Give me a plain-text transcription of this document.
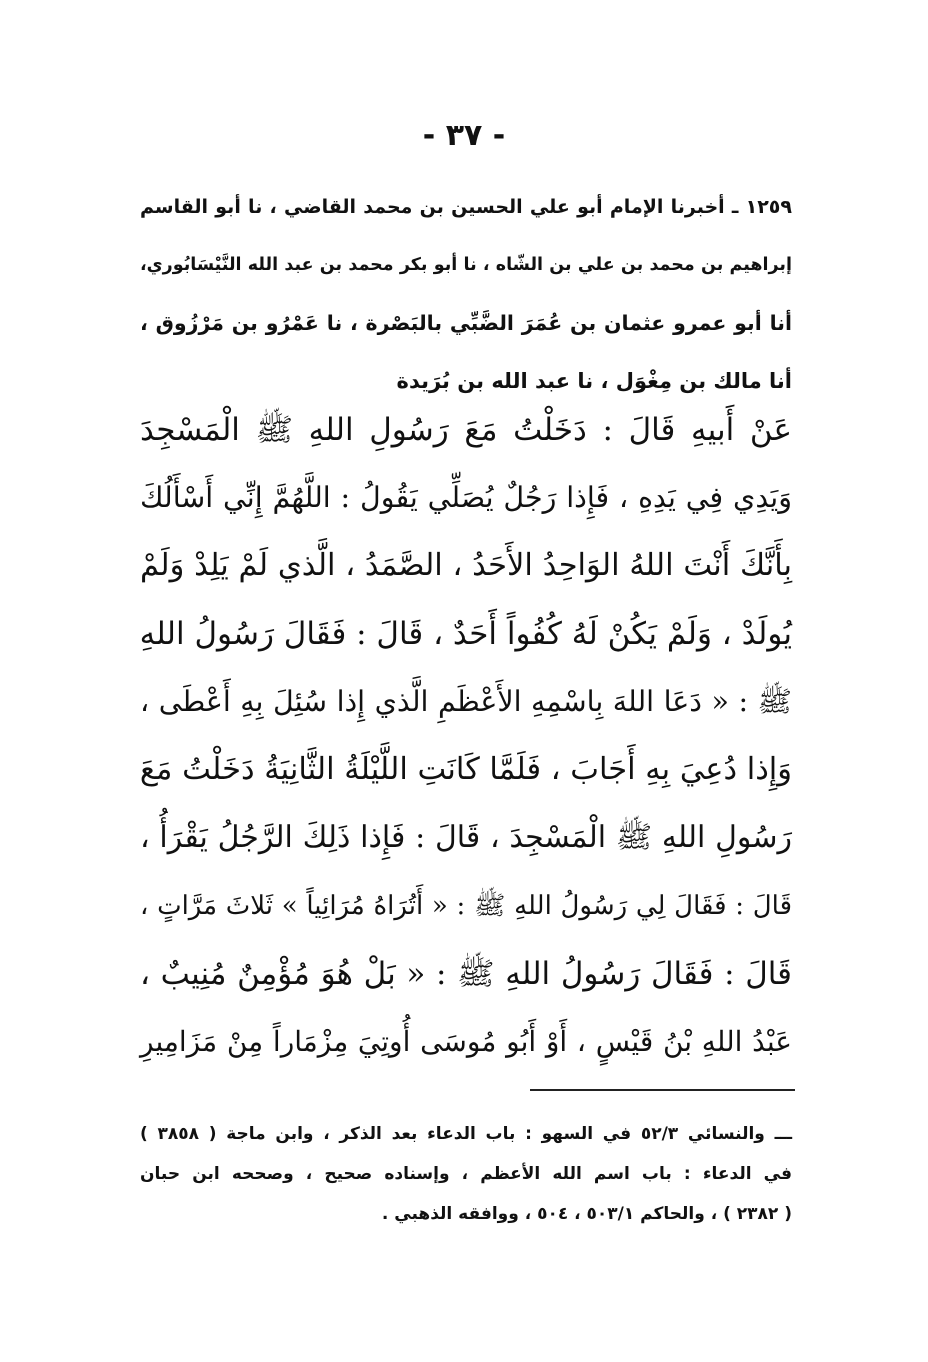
- ٣٧ -
١٢٥٩ ـ أخبرنا الإمام أبو علي الحسين بن محمد القاضي ، نا أبو القاسم
إبراهيم بن محمد بن علي بن الشّاه ، نا أبو بكر محمد بن عبد الله النَّيْسَابُوري،
أنا أبو عمرو عثمان بن عُمَرَ الضَّبِّي بالبَصْرة ، نا عَمْرُو بن مَرْزُوق ،
أنا مالك بن مِغْوَل ، نا عبد الله بن بُرَيدة
عَنْ أَبيهِ قَالَ : دَخَلْتُ مَعَ رَسُولِ اللهِ ﷺ الْمَسْجِدَ
وَيَدِي فِي يَدِهِ ، فَإِذا رَجُلٌ يُصَلِّي يَقُولُ : اللَّهُمَّ إِنِّي أَسْأَلُكَ
بِأَنَّكَ أَنْتَ اللهُ الوَاحِدُ الأَحَدُ ، الصَّمَدُ ، الَّذي لَمْ يَلِدْ وَلَمْ
يُولَدْ ، وَلَمْ يَكُنْ لَهُ كُفُواً أَحَدٌ ، قَالَ : فَقَالَ رَسُولُ اللهِ
ﷺ : « دَعَا اللهَ بِاسْمِهِ الأَعْظَمِ الَّذي إِذا سُئِلَ بِهِ أَعْطَى ،
وَإِذا دُعِيَ بِهِ أَجَابَ ، فَلَمَّا كَانَتِ اللَّيْلَةُ الثَّانِيَةُ دَخَلْتُ مَعَ
رَسُولِ اللهِ ﷺ الْمَسْجِدَ ، قَالَ : فَإِذا ذَلِكَ الرَّجُلُ يَقْرَأُ ،
قَالَ : فَقَالَ لِي رَسُولُ اللهِ ﷺ : « أَتُرَاهُ مُرَائِياً » ثَلاثَ مَرَّاتٍ ،
قَالَ : فَقَالَ رَسُولُ اللهِ ﷺ : « بَلْ هُوَ مُؤْمِنٌ مُنِيبٌ ،
عَبْدُ اللهِ بْنُ قَيْسٍ ، أَوْ أَبُو مُوسَى أُوتِيَ مِزْمَاراً مِنْ مَزَامِيرِ
ـــ والنسائي ٥٢/٣ في السهو : باب الدعاء بعد الذكر ، وابن ماجة ( ٣٨٥٨ )
في الدعاء : باب اسم الله الأعظم ، وإسناده صحيح ، وصححه ابن حبان
( ٢٣٨٢ ) ، والحاكم ٥٠٣/١ ، ٥٠٤ ، ووافقه الذهبي .
